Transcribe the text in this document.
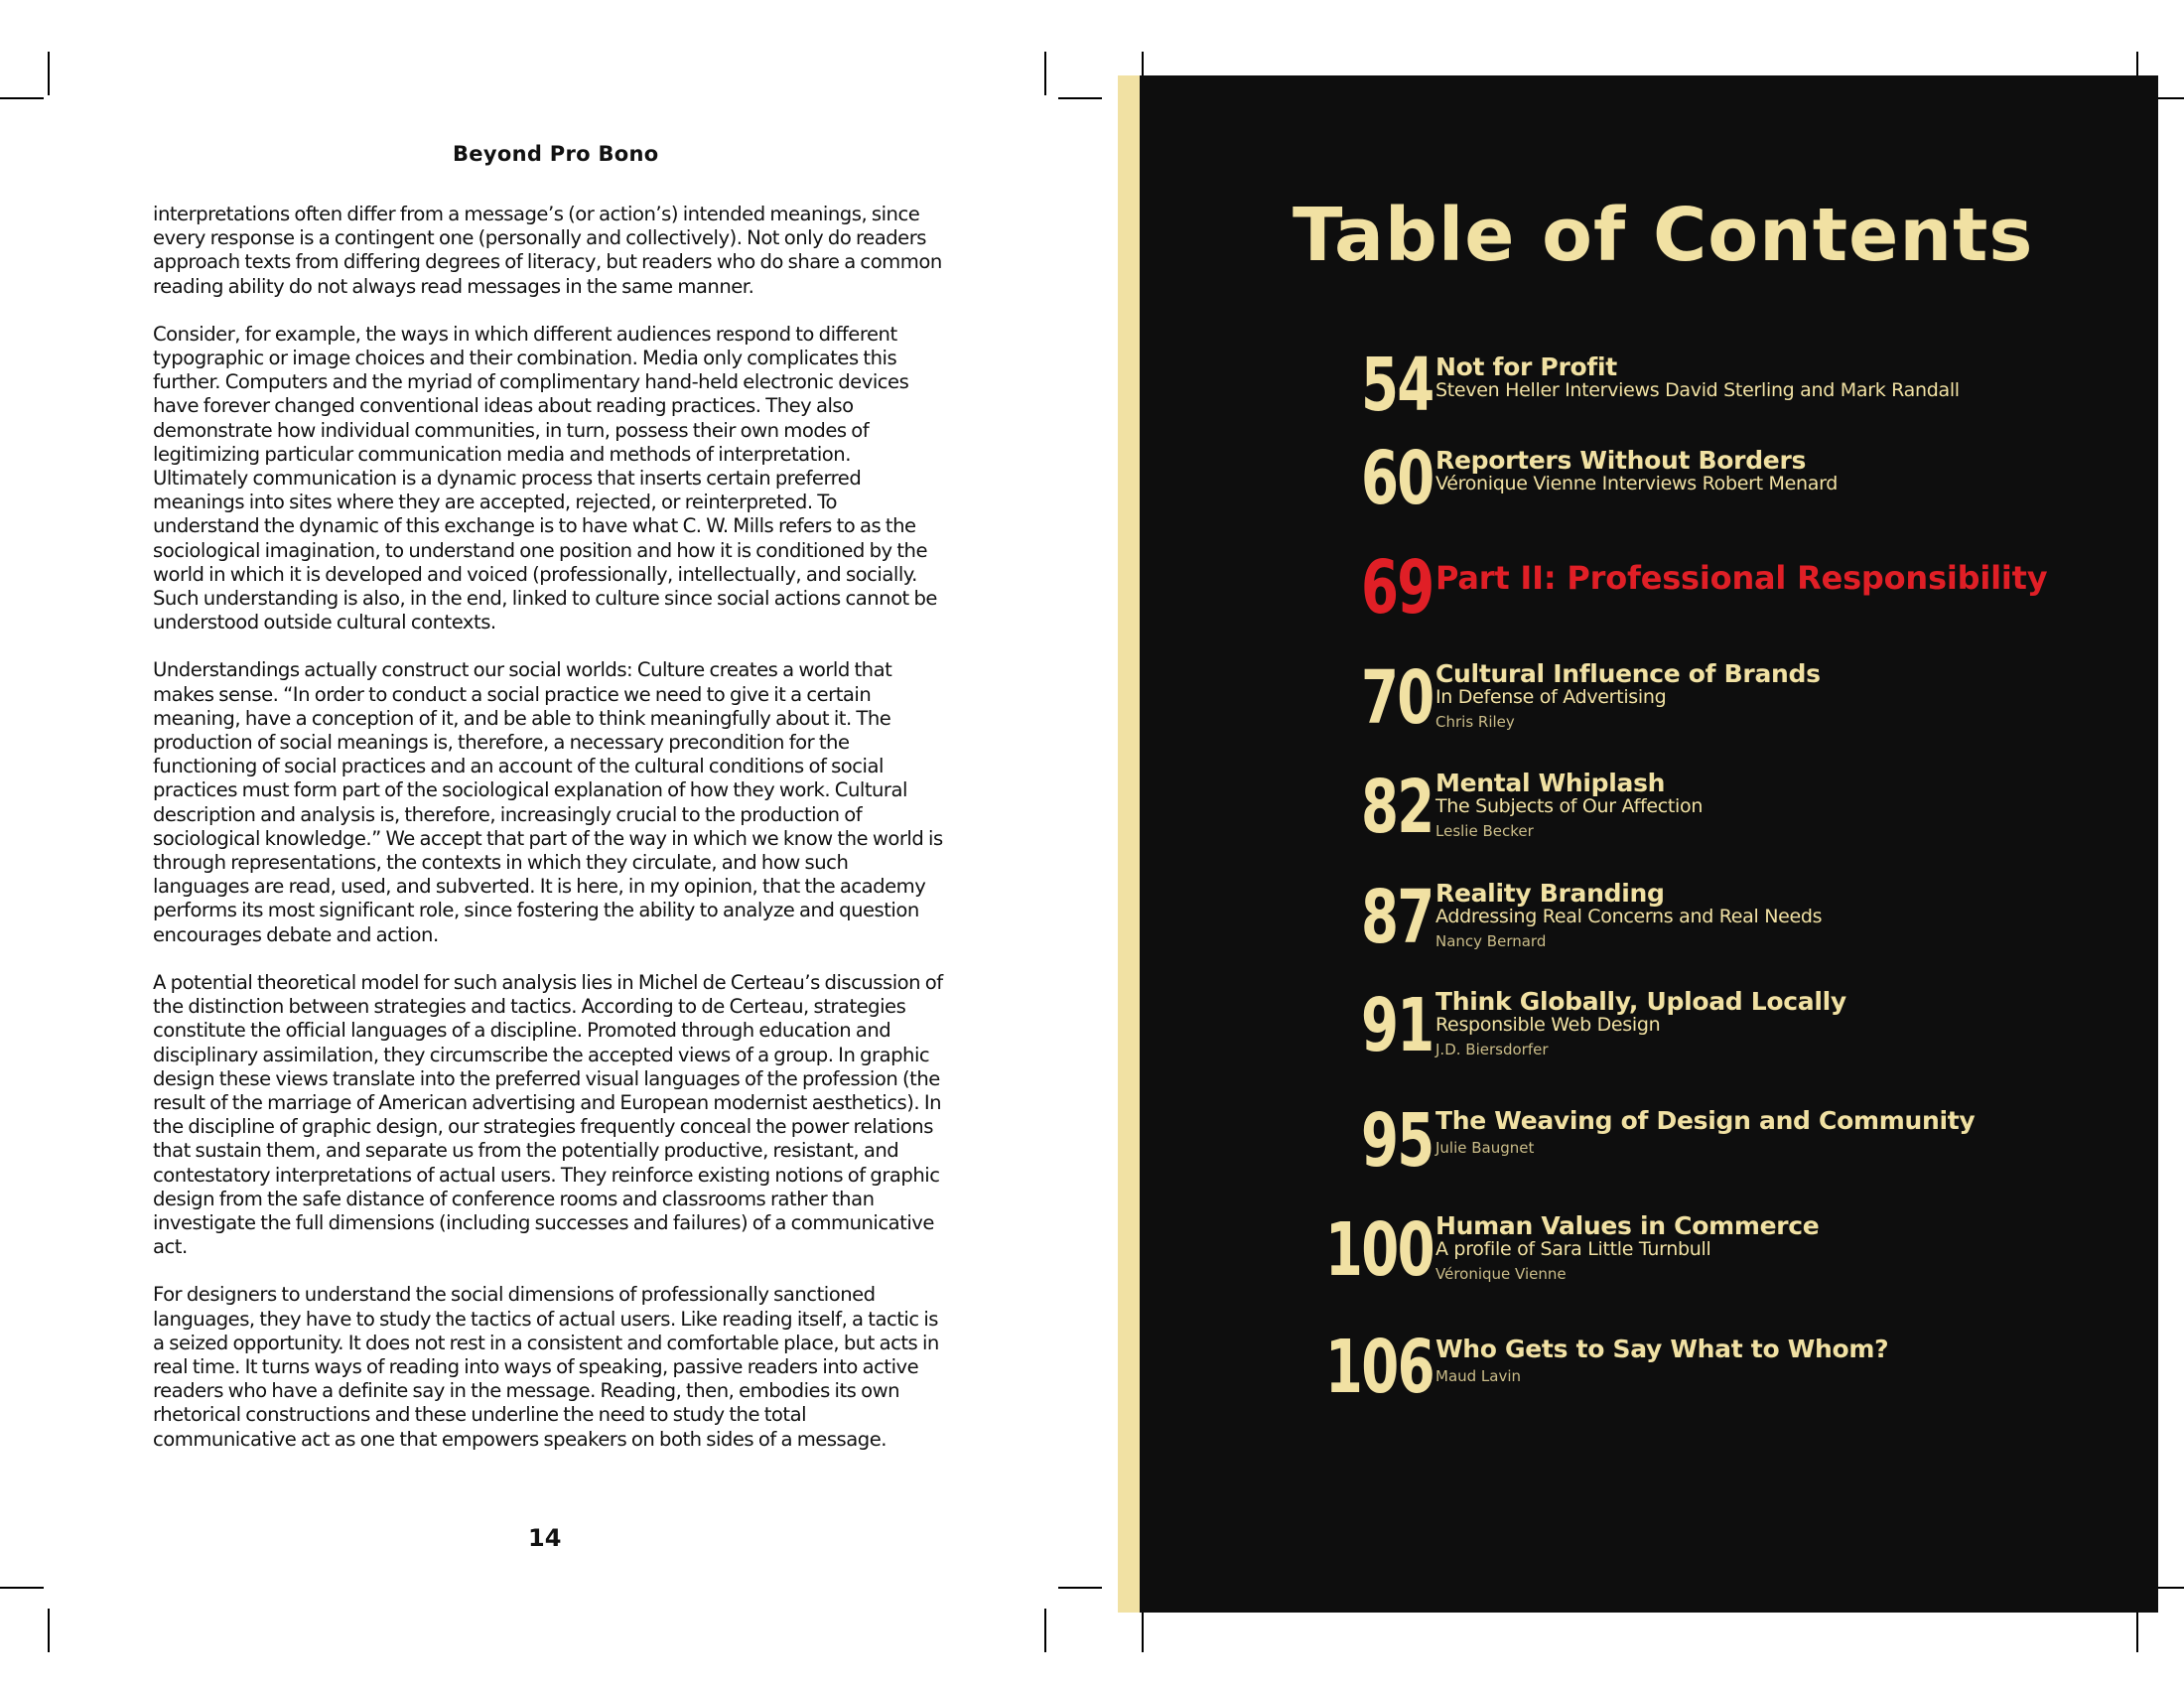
Beyond Pro Bono

interpretations often differ from a message’s (or action’s) intended meanings, since every response is a contingent one (personally and collectively). Not only do readers approach texts from differing degrees of literacy, but readers who do share a common reading ability do not always read messages in the same manner.

Consider, for example, the ways in which different audiences respond to different typographic or image choices and their combination. Media only complicates this further. Computers and the myriad of complimentary hand-held electronic devices have forever changed conventional ideas about reading practices. They also demonstrate how individual communities, in turn, possess their own modes of legitimizing particular communication media and methods of interpretation. Ultimately communication is a dynamic process that inserts certain preferred meanings into sites where they are accepted, rejected, or reinterpreted. To understand the dynamic of this exchange is to have what C. W. Mills refers to as the sociological imagination, to understand one position and how it is conditioned by the world in which it is developed and voiced (professionally, intellectually, and socially. Such understanding is also, in the end, linked to culture since social actions cannot be understood outside cultural contexts.

Understandings actually construct our social worlds: Culture creates a world that makes sense. “In order to conduct a social practice we need to give it a certain meaning, have a conception of it, and be able to think meaningfully about it. The production of social meanings is, therefore, a necessary precondition for the functioning of social practices and an account of the cultural conditions of social practices must form part of the sociological explanation of how they work. Cultural description and analysis is, therefore, increasingly crucial to the production of sociological knowledge.” We accept that part of the way in which we know the world is through representations, the contexts in which they circulate, and how such languages are read, used, and subverted. It is here, in my opinion, that the academy performs its most significant role, since fostering the ability to analyze and question encourages debate and action.

A potential theoretical model for such analysis lies in Michel de Certeau’s discussion of the distinction between strategies and tactics. According to de Certeau, strategies constitute the official languages of a discipline. Promoted through education and disciplinary assimilation, they circumscribe the accepted views of a group. In graphic design these views translate into the preferred visual languages of the profession (the result of the marriage of American advertising and European modernist aesthetics). In the discipline of graphic design, our strategies frequently conceal the power relations that sustain them, and separate us from the potentially productive, resistant, and contestatory interpretations of actual users. They reinforce existing notions of graphic design from the safe distance of conference rooms and classrooms rather than investigate the full dimensions (including successes and failures) of a communicative act.

For designers to understand the social dimensions of professionally sanctioned languages, they have to study the tactics of actual users. Like reading itself, a tactic is a seized opportunity. It does not rest in a consistent and comfortable place, but acts in real time. It turns ways of reading into ways of speaking, passive readers into active readers who have a definite say in the message. Reading, then, embodies its own rhetorical constructions and these underline the need to study the total communicative act as one that empowers speakers on both sides of a message.

14
Table of Contents
54 Not for Profit
Steven Heller Interviews David Sterling and Mark Randall
60 Reporters Without Borders
Véronique Vienne Interviews Robert Menard
69 Part II: Professional Responsibility
70 Cultural Influence of Brands
In Defense of Advertising
Chris Riley
82 Mental Whiplash
The Subjects of Our Affection
Leslie Becker
87 Reality Branding
Addressing Real Concerns and Real Needs
Nancy Bernard
91 Think Globally, Upload Locally
Responsible Web Design
J.D. Biersdorfer
95 The Weaving of Design and Community
Julie Baugnet
100 Human Values in Commerce
A profile of Sara Little Turnbull
Véronique Vienne
106 Who Gets to Say What to Whom?
Maud Lavin
